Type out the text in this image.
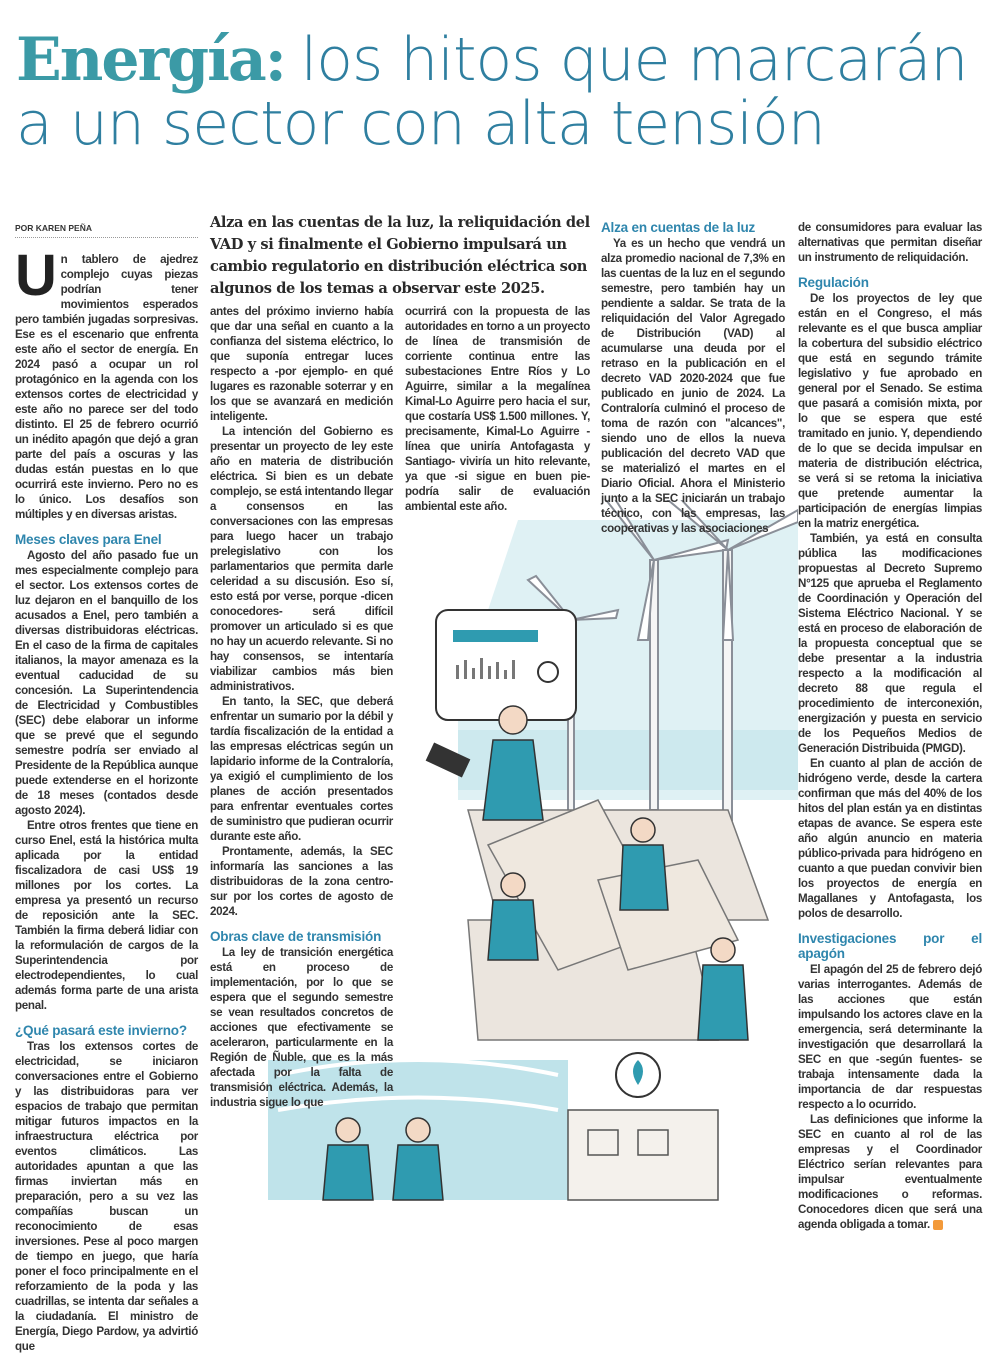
Energía: los hitos que marcarán
a un sector con alta tensión
POR KAREN PEÑA	Alza en las cuentas de la luz, la reliquidación del VAD y si finalmente el Gobierno impulsará un cambio regulatorio en distribución eléctrica son algunos de los temas a observar este 2025.

Un tablero de ajedrez complejo cuyas piezas podrían tener movimientos esperados pero también jugadas sorpresivas. Ese es el escenario que enfrenta este año el sector de energía. En 2024 pasó a ocupar un rol protagónico en la agenda con los extensos cortes de electricidad y este año no parece ser del todo distinto. El 25 de febrero ocurrió un inédito apagón que dejó a gran parte del país a oscuras y las dudas están puestas en lo que ocurrirá este invierno. Pero no es lo único. Los desafíos son múltiples y en diversas aristas.

Meses claves para Enel

Agosto del año pasado fue un mes especialmente complejo para el sector. Los extensos cortes de luz dejaron en el banquillo de los acusados a Enel, pero también a diversas distribuidoras eléctricas. En el caso de la firma de capitales italianos, la mayor amenaza es la eventual caducidad de su concesión. La Superintendencia de Electricidad y Combustibles (SEC) debe elaborar un informe que se prevé que el segundo semestre podría ser enviado al Presidente de la República aunque puede extenderse en el horizonte de 18 meses (contados desde agosto 2024).

Entre otros frentes que tiene en curso Enel, está la histórica multa aplicada por la entidad fiscalizadora de casi US$ 19 millones por los cortes. La empresa ya presentó un recurso de reposición ante la SEC. También la firma deberá lidiar con la reformulación de cargos de la Superintendencia por electrodependientes, lo cual además forma parte de una arista penal.

¿Qué pasará este invierno?

Tras los extensos cortes de electricidad, se iniciaron conversaciones entre el Gobierno y las distribuidoras para ver espacios de trabajo que permitan mitigar futuros impactos en la infraestructura eléctrica por eventos climáticos. Las autoridades apuntan a que las firmas inviertan más en preparación, pero a su vez las compañías buscan un reconocimiento de esas inversiones. Pese al poco margen de tiempo en juego, que haría poner el foco principalmente en el reforzamiento de la poda y las cuadrillas, se intenta dar señales a la ciudadanía. El ministro de Energía, Diego Pardow, ya advirtió que

antes del próximo invierno había que dar una señal en cuanto a la confianza del sistema eléctrico, lo que suponía entregar luces respecto a -por ejemplo- en qué lugares es razonable soterrar y en los que se avanzará en medición inteligente.

La intención del Gobierno es presentar un proyecto de ley este año en materia de distribución eléctrica. Si bien es un debate complejo, se está intentando llegar a consensos en las conversaciones con las empresas para luego hacer un trabajo prelegislativo con los parlamentarios que permita darle celeridad a su discusión. Eso sí, esto está por verse, porque -dicen conocedores- será difícil promover un articulado si es que no hay un acuerdo relevante. Si no hay consensos, se intentaría viabilizar cambios más bien administrativos.

En tanto, la SEC, que deberá enfrentar un sumario por la débil y tardía fiscalización de la entidad a las empresas eléctricas según un lapidario informe de la Contraloría, ya exigió el cumplimiento de los planes de acción presentados para enfrentar eventuales cortes de suministro que pudieran ocurrir durante este año.

Prontamente, además, la SEC informaría las sanciones a las distribuidoras de la zona centro-sur por los cortes de agosto de 2024.

Obras clave de transmisión

La ley de transición energética está en proceso de implementación, por lo que se espera que el segundo semestre se vean resultados concretos de acciones que efectivamente se aceleraron, particularmente en la Región de Ñuble, que es la más afectada por la falta de transmisión eléctrica. Además, la industria sigue lo que

ocurrirá con la propuesta de las autoridades en torno a un proyecto de línea de transmisión de corriente continua entre las subestaciones Entre Ríos y Lo Aguirre, similar a la megalínea Kimal-Lo Aguirre pero hacia el sur, que costaría US$ 1.500 millones. Y, precisamente, Kimal-Lo Aguirre -línea que uniría Antofagasta y Santiago- viviría un hito relevante, ya que -si sigue en buen pie- podría salir de evaluación ambiental este año.

Alza en cuentas de la luz

Ya es un hecho que vendrá un alza promedio nacional de 7,3% en las cuentas de la luz en el segundo semestre, pero también hay un pendiente a saldar. Se trata de la reliquidación del Valor Agregado de Distribución (VAD) al acumularse una deuda por el retraso en la publicación en el decreto VAD 2020-2024 que fue publicado en junio de 2024. La Contraloría culminó el proceso de toma de razón con "alcances", siendo uno de ellos la nueva publicación del decreto VAD que se materializó el martes en el Diario Oficial. Ahora el Ministerio junto a la SEC iniciarán un trabajo técnico, con las empresas, las cooperativas y las asociaciones

de consumidores para evaluar las alternativas que permitan diseñar un instrumento de reliquidación.

Regulación

De los proyectos de ley que están en el Congreso, el más relevante es el que busca ampliar la cobertura del subsidio eléctrico que está en segundo trámite legislativo y fue aprobado en general por el Senado. Se estima que pasará a comisión mixta, por lo que se espera que esté tramitado en junio. Y, dependiendo de lo que se decida impulsar en materia de distribución eléctrica, se verá si se retoma la iniciativa que pretende aumentar la participación de energías limpias en la matriz energética.

También, ya está en consulta pública las modificaciones propuestas al Decreto Supremo N°125 que aprueba el Reglamento de Coordinación y Operación del Sistema Eléctrico Nacional. Y se está en proceso de elaboración de la propuesta conceptual que se debe presentar a la industria respecto a la modificación al decreto 88 que regula el procedimiento de interconexión, energización y puesta en servicio de los Pequeños Medios de Generación Distribuida (PMGD).

En cuanto al plan de acción de hidrógeno verde, desde la cartera confirman que más del 40% de los hitos del plan están ya en distintas etapas de avance. Se espera este año algún anuncio en materia público-privada para hidrógeno en cuanto a que puedan convivir bien los proyectos de energía en Magallanes y Antofagasta, los polos de desarrollo.

Investigaciones por el apagón

El apagón del 25 de febrero dejó varias interrogantes. Además de las acciones que están impulsando los actores clave en la emergencia, será determinante la investigación que desarrollará la SEC en que -según fuentes- se trabaja intensamente dada la importancia de dar respuestas respecto a lo ocurrido.

Las definiciones que informe la SEC en cuanto al rol de las empresas y el Coordinador Eléctrico serían relevantes para impulsar eventualmente modificaciones o reformas. Conocedores dicen que será una agenda obligada a tomar.
